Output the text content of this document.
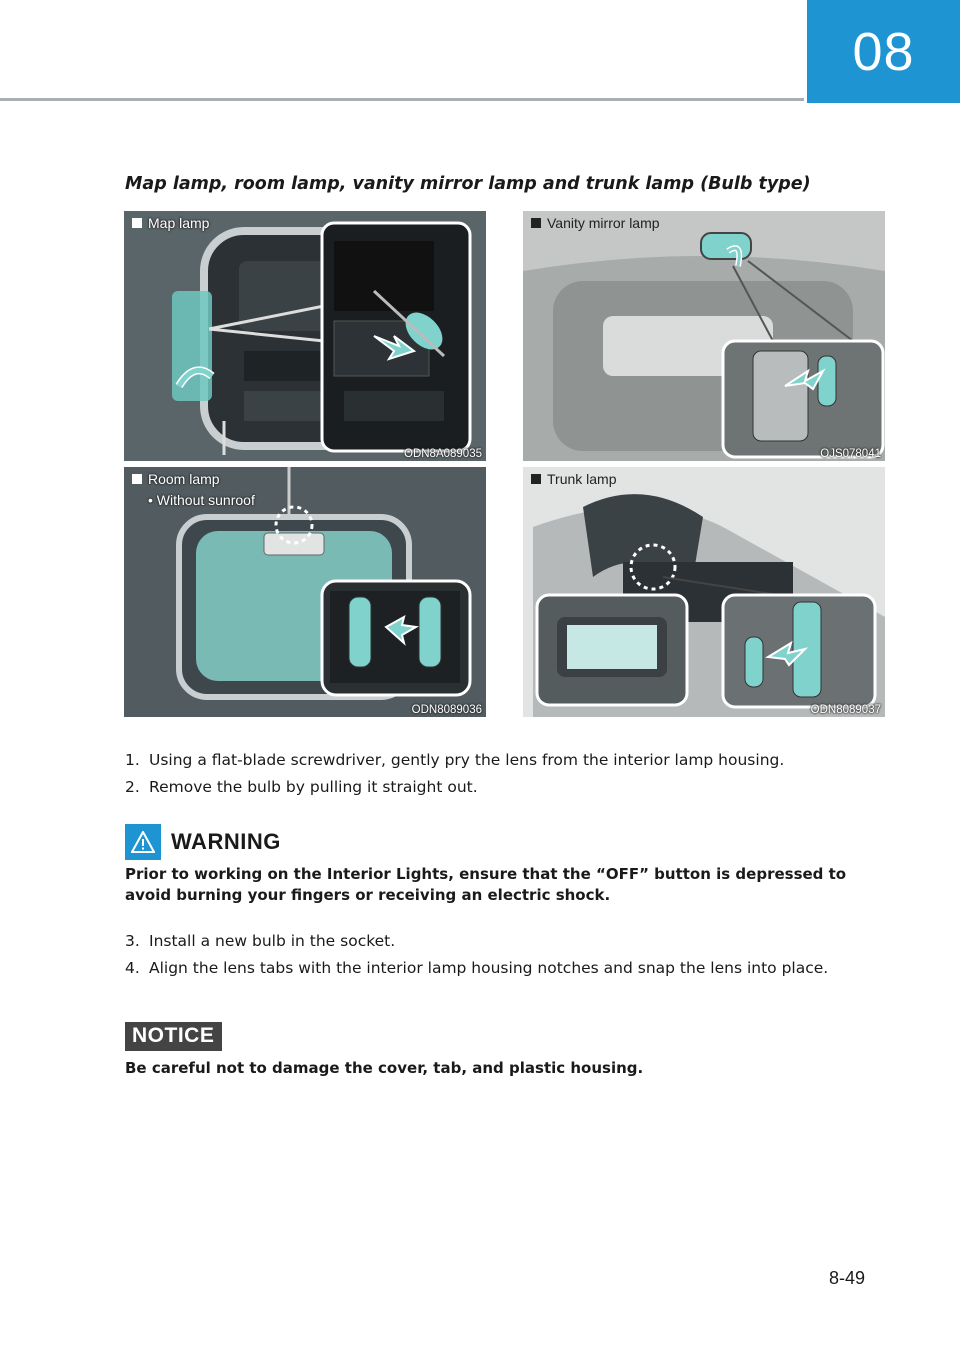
08
Map lamp, room lamp, vanity mirror lamp and trunk lamp (Bulb type)
Map lamp
ODN8A089035
Vanity mirror lamp
OJS078041
Room lamp
• Without sunroof
ODN8089036
Trunk lamp
ODN8089037
1. Using a flat-blade screwdriver, gently pry the lens from the interior lamp housing.
2. Remove the bulb by pulling it straight out.
WARNING

Prior to working on the Interior Lights, ensure that the “OFF” button is depressed to avoid burning your fingers or receiving an electric shock.

3. Install a new bulb in the socket.
4. Align the lens tabs with the interior lamp housing notches and snap the lens into place.
NOTICE

Be careful not to damage the cover, tab, and plastic housing.

8-49
